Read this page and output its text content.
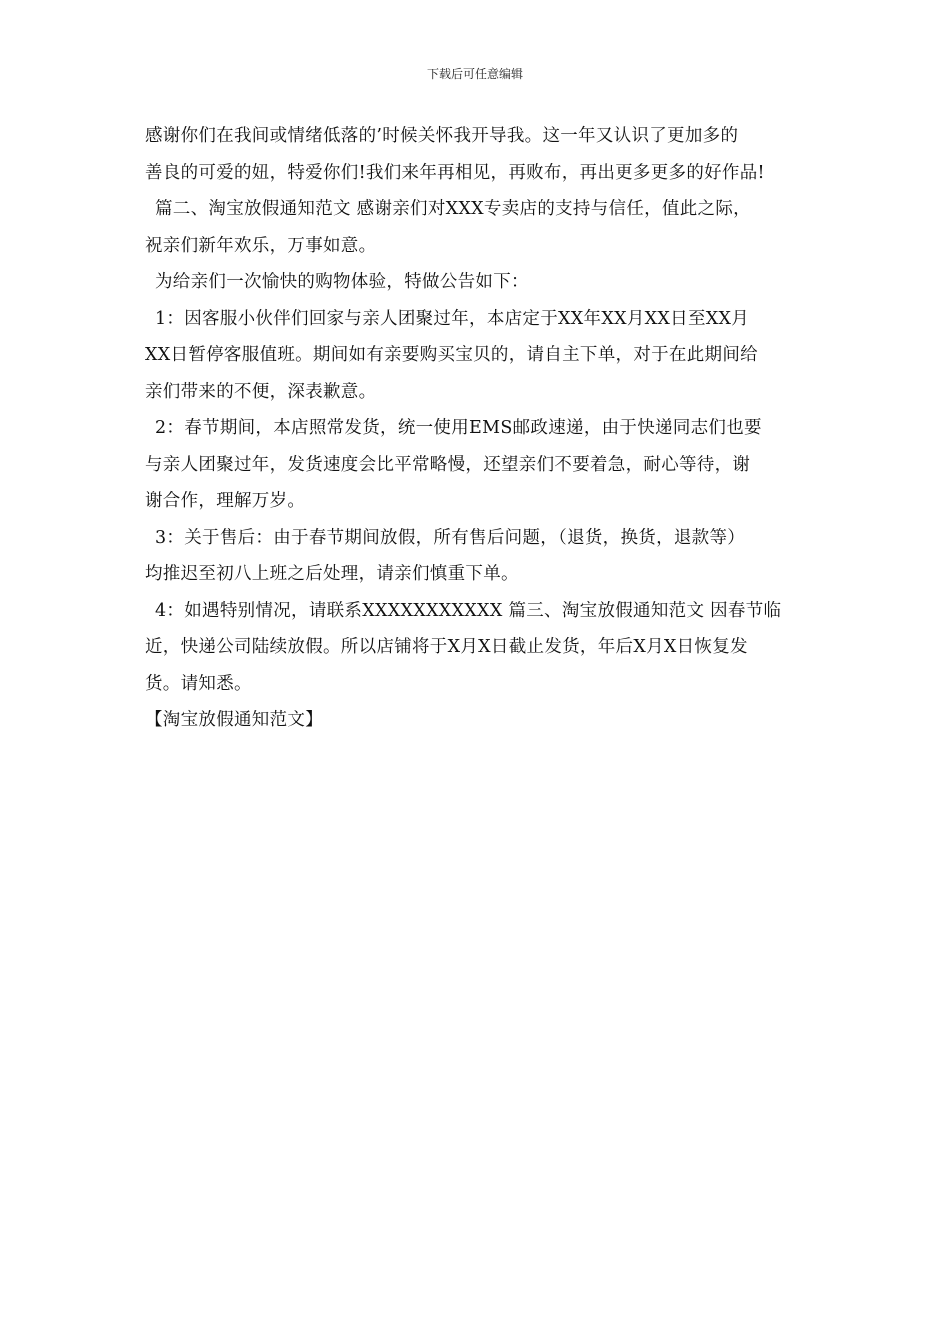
下载后可任意编辑
感谢你们在我间或情绪低落的’时候关怀我开导我。这一年又认识了更加多的
善良的可爱的妞，特爱你们!我们来年再相见，再败布，再出更多更多的好作品!
篇二、淘宝放假通知范文 感谢亲们对XXX专卖店的支持与信任，值此之际，
祝亲们新年欢乐，万事如意。
为给亲们一次愉快的购物体验，特做公告如下：
1：因客服小伙伴们回家与亲人团聚过年，本店定于XX年XX月XX日至XX月
XX日暂停客服值班。期间如有亲要购买宝贝的，请自主下单，对于在此期间给
亲们带来的不便，深表歉意。
2：春节期间，本店照常发货，统一使用EMS邮政速递，由于快递同志们也要
与亲人团聚过年，发货速度会比平常略慢，还望亲们不要着急，耐心等待，谢
谢合作，理解万岁。
3：关于售后：由于春节期间放假，所有售后问题，（退货，换货，退款等）
均推迟至初八上班之后处理，请亲们慎重下单。
4：如遇特别情况，请联系XXXXXXXXXXX 篇三、淘宝放假通知范文 因春节临
近，快递公司陆续放假。所以店铺将于X月X日截止发货，年后X月X日恢复发
货。请知悉。
【淘宝放假通知范文】
